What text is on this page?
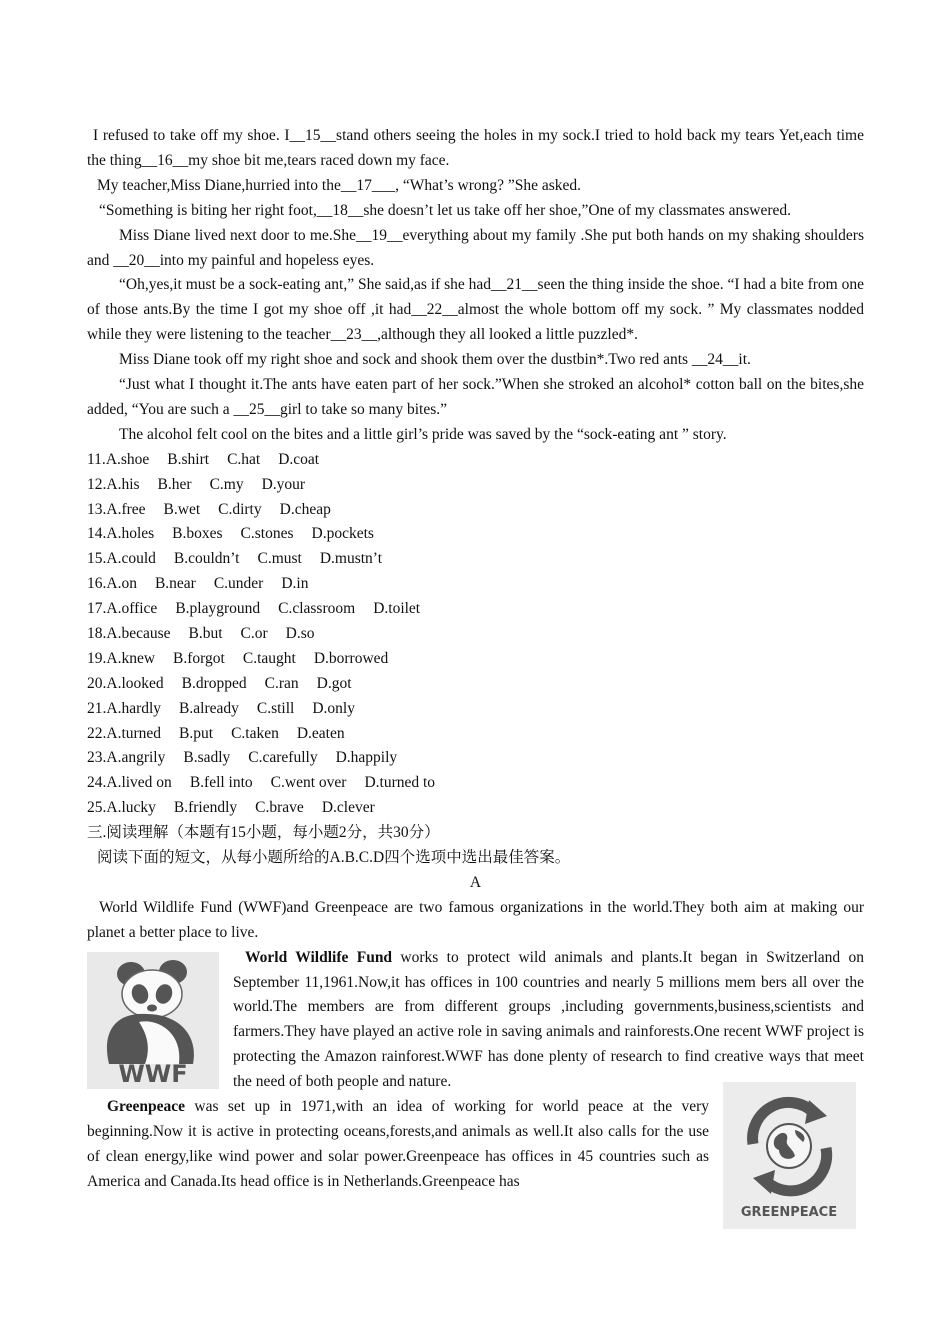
I refused to take off my shoe. I__15__stand others seeing the holes in my sock.I tried to hold back my tears Yet,each time the thing__16__my shoe bit me,tears raced down my face.

My teacher,Miss Diane,hurried into the__17___, “What’s wrong? ”She asked.

“Something is biting her right foot,__18__she doesn’t let us take off her shoe,”One of my classmates answered.

Miss Diane lived next door to me.She__19__everything about my family .She put both hands on my shaking shoulders and __20__into my painful and hopeless eyes.

“Oh,yes,it must be a sock-eating ant,” She said,as if she had__21__seen the thing inside the shoe. “I had a bite from one of those ants.By the time I got my shoe off ,it had__22__almost the whole bottom off my sock. ” My classmates nodded while they were listening to the teacher__23__,although they all looked a little puzzled*.

Miss Diane took off my right shoe and sock and shook them over the dustbin*.Two red ants __24__it.

“Just what I thought it.The ants have eaten part of her sock.”When she stroked an alcohol* cotton ball on the bites,she added, “You are such a __25__girl to take so many bites.”

The alcohol felt cool on the bites and a little girl’s pride was saved by the “sock-eating ant ” story.

11.A.shoe B.shirt C.hat D.coat
12.A.his B.her C.my D.your
13.A.free B.wet C.dirty D.cheap
14.A.holes B.boxes C.stones D.pockets
15.A.could B.couldn’t C.must D.mustn’t
16.A.on B.near C.under D.in
17.A.office B.playground C.classroom D.toilet
18.A.because B.but C.or D.so
19.A.knew B.forgot C.taught D.borrowed
20.A.looked B.dropped C.ran D.got
21.A.hardly B.already C.still D.only
22.A.turned B.put C.taken D.eaten
23.A.angrily B.sadly C.carefully D.happily
24.A.lived on B.fell into C.went over D.turned to
25.A.lucky B.friendly C.brave D.clever

三.阅读理解（本题有15小题，每小题2分，共30分）

阅读下面的短文，从每小题所给的A.B.C.D四个选项中选出最佳答案。

A

World Wildlife Fund (WWF)and Greenpeace are two famous organizations in the world.They both aim at making our planet a better place to live.

WWF
GREENPEACE

World Wildlife Fund works to protect wild animals and plants.It began in Switzerland on September 11,1961.Now,it has offices in 100 countries and nearly 5 millions mem bers all over the world.The members are from different groups ,including governments,business,scientists and farmers.They have played an active role in saving animals and rainforests.One recent WWF project is protecting the Amazon rainforest.WWF has done plenty of research to find creative ways that meet the need of both people and nature.

Greenpeace was set up in 1971,with an idea of working for world peace at the very beginning.Now it is active in protecting oceans,forests,and animals as well.It also calls for the use of clean energy,like wind power and solar power.Greenpeace has offices in 45 countries such as America and Canada.Its head office is in Netherlands.Greenpeace has
